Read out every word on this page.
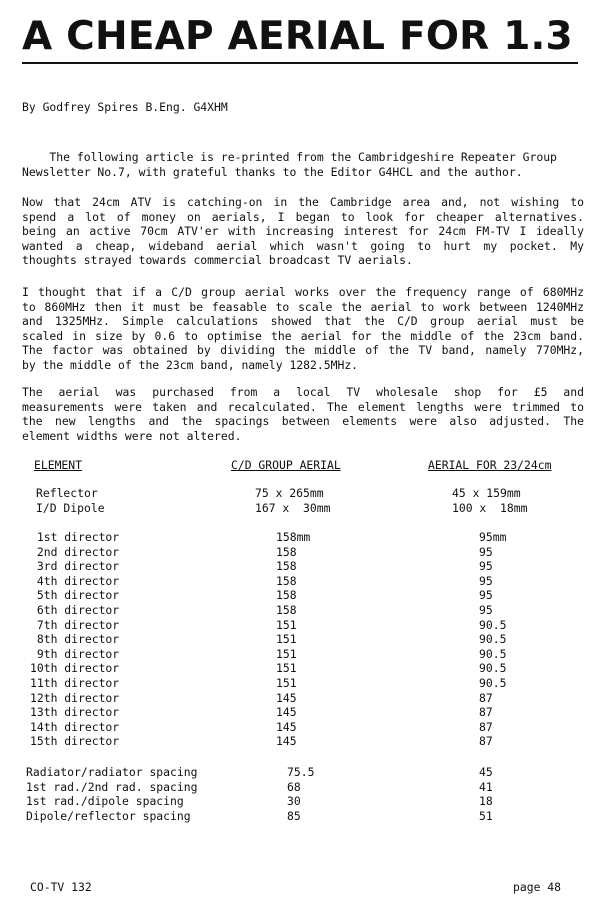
A CHEAP AERIAL FOR 1.3

By Godfrey Spires B.Eng. G4XHM

The following article is re-printed from the Cambridgeshire Repeater Group
Newsletter No.7, with grateful thanks to the Editor G4HCL and the author.
Now that 24cm ATV is catching-on in the Cambridge area and, not wishing to
spend a lot of money on aerials, I began to look for cheaper alternatives.
being an active 70cm ATV'er with increasing interest for 24cm FM-TV I ideally
wanted a cheap, wideband aerial which wasn't going to hurt my pocket. My
thoughts strayed towards commercial broadcast TV aerials.
I thought that if a C/D group aerial works over the frequency range of 680MHz
to 860MHz then it must be feasable to scale the aerial to work between 1240MHz
and 1325MHz. Simple calculations showed that the C/D group aerial must be
scaled in size by 0.6 to optimise the aerial for the middle of the 23cm band.
The factor was obtained by dividing the middle of the TV band, namely 770MHz,
by the middle of the 23cm band, namely 1282.5MHz.
The aerial was purchased from a local TV wholesale shop for £5 and
measurements were taken and recalculated. The element lengths were trimmed to
the new lengths and the spacings between elements were also adjusted. The
element widths were not altered.
ELEMENT	C/D GROUP AERIAL	AERIAL FOR 23/24cm
Reflector	75 x 265mm	45 x 159mm
I/D Dipole	167 x  30mm	100 x  18mm
1st director	158mm	95mm
2nd director	158	95
3rd director	158	95
4th director	158	95
5th director	158	95
6th director	158	95
7th director	151	90.5
8th director	151	90.5
9th director	151	90.5
10th director	151	90.5
11th director	151	90.5
12th director	145	87
13th director	145	87
14th director	145	87
15th director	145	87
Radiator/radiator spacing	75.5	45
1st rad./2nd rad. spacing	68	41
1st rad./dipole spacing	30	18
Dipole/reflector spacing	85	51
CO-TV 132	page 48
